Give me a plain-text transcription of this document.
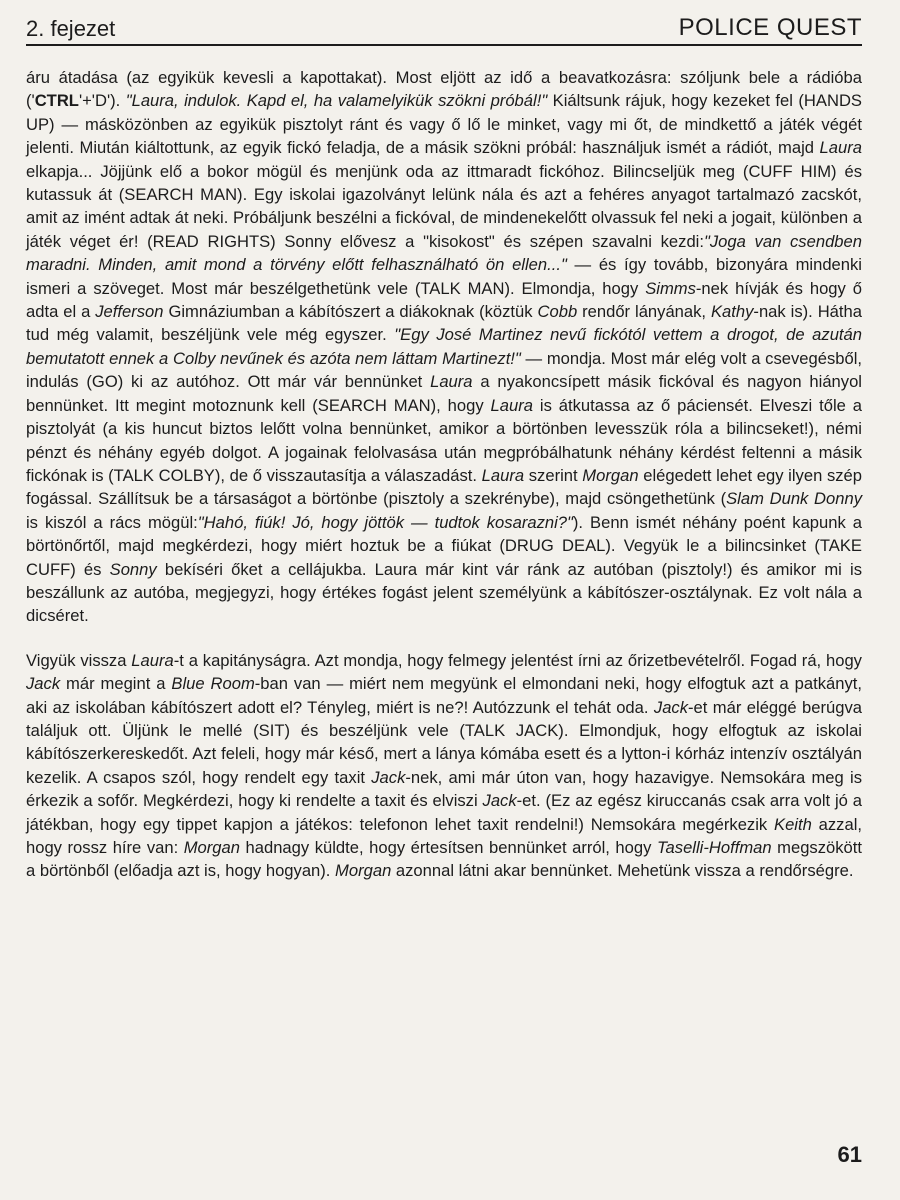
2. fejezet	POLICE QUEST

áru átadása (az egyikük kevesli a kapottakat). Most eljött az idő a beavatkozásra: szóljunk bele a rádióba ('CTRL'+'D'). "Laura, indulok. Kapd el, ha valamelyikük szökni próbál!" Kiáltsunk rájuk, hogy kezeket fel (HANDS UP) — másközönben az egyikük pisztolyt ránt és vagy ő lő le minket, vagy mi őt, de mindkettő a játék végét jelenti. Miután kiáltottunk, az egyik fickó feladja, de a másik szökni próbál: használjuk ismét a rádiót, majd Laura elkapja... Jöjjünk elő a bokor mögül és menjünk oda az ittmaradt fickóhoz. Bilincseljük meg (CUFF HIM) és kutassuk át (SEARCH MAN). Egy iskolai igazolványt lelünk nála és azt a fehéres anyagot tartalmazó zacskót, amit az imént adtak át neki. Próbáljunk beszélni a fickóval, de mindenekelőtt olvassuk fel neki a jogait, különben a játék véget ér! (READ RIGHTS) Sonny elővesz a "kisokost" és szépen szavalni kezdi:"Joga van csendben maradni. Minden, amit mond a törvény előtt felhasználható ön ellen..." — és így tovább, bizonyára mindenki ismeri a szöveget. Most már beszélgethetünk vele (TALK MAN). Elmondja, hogy Simms-nek hívják és hogy ő adta el a Jefferson Gimnáziumban a kábítószert a diákoknak (köztük Cobb rendőr lányának, Kathy-nak is). Hátha tud még valamit, beszéljünk vele még egyszer. "Egy José Martinez nevű fickótól vettem a drogot, de azután bemutatott ennek a Colby nevűnek és azóta nem láttam Martinezt!" — mondja. Most már elég volt a csevegésből, indulás (GO) ki az autóhoz. Ott már vár bennünket Laura a nyakoncsípett másik fickóval és nagyon hiányol bennünket. Itt megint motoznunk kell (SEARCH MAN), hogy Laura is átkutassa az ő páciensét. Elveszi tőle a pisztolyát (a kis huncut biztos lelőtt volna bennünket, amikor a börtönben levesszük róla a bilincseket!), némi pénzt és néhány egyéb dolgot. A jogainak felolvasása után megpróbálhatunk néhány kérdést feltenni a másik fickónak is (TALK COLBY), de ő visszautasítja a válaszadást. Laura szerint Morgan elégedett lehet egy ilyen szép fogással. Szállítsuk be a társaságot a börtönbe (pisztoly a szekrénybe), majd csöngethetünk (Slam Dunk Donny is kiszól a rács mögül:"Hahó, fiúk! Jó, hogy jöttök — tudtok kosarazni?"). Benn ismét néhány poént kapunk a börtönőrtől, majd megkérdezi, hogy miért hoztuk be a fiúkat (DRUG DEAL). Vegyük le a bilincsinket (TAKE CUFF) és Sonny bekíséri őket a cellájukba. Laura már kint vár ránk az autóban (pisztoly!) és amikor mi is beszállunk az autóba, megjegyzi, hogy értékes fogást jelent személyünk a kábítószer-osztálynak. Ez volt nála a dicséret.

Vigyük vissza Laura-t a kapitányságra. Azt mondja, hogy felmegy jelentést írni az őrizetbevételről. Fogad rá, hogy Jack már megint a Blue Room-ban van — miért nem megyünk el elmondani neki, hogy elfogtuk azt a patkányt, aki az iskolában kábítószert adott el? Tényleg, miért is ne?! Autózzunk el tehát oda. Jack-et már eléggé berúgva találjuk ott. Üljünk le mellé (SIT) és beszéljünk vele (TALK JACK). Elmondjuk, hogy elfogtuk az iskolai kábítószerkereskedőt. Azt feleli, hogy már késő, mert a lánya kómába esett és a lytton-i kórház intenzív osztályán kezelik. A csapos szól, hogy rendelt egy taxit Jack-nek, ami már úton van, hogy hazavigye. Nemsokára meg is érkezik a sofőr. Megkérdezi, hogy ki rendelte a taxit és elviszi Jack-et. (Ez az egész kiruccanás csak arra volt jó a játékban, hogy egy tippet kapjon a játékos: telefonon lehet taxit rendelni!) Nemsokára megérkezik Keith azzal, hogy rossz híre van: Morgan hadnagy küldte, hogy értesítsen bennünket arról, hogy Taselli-Hoffman megszökött a börtönből (előadja azt is, hogy hogyan). Morgan azonnal látni akar bennünket. Mehetünk vissza a rendőrségre.

61
